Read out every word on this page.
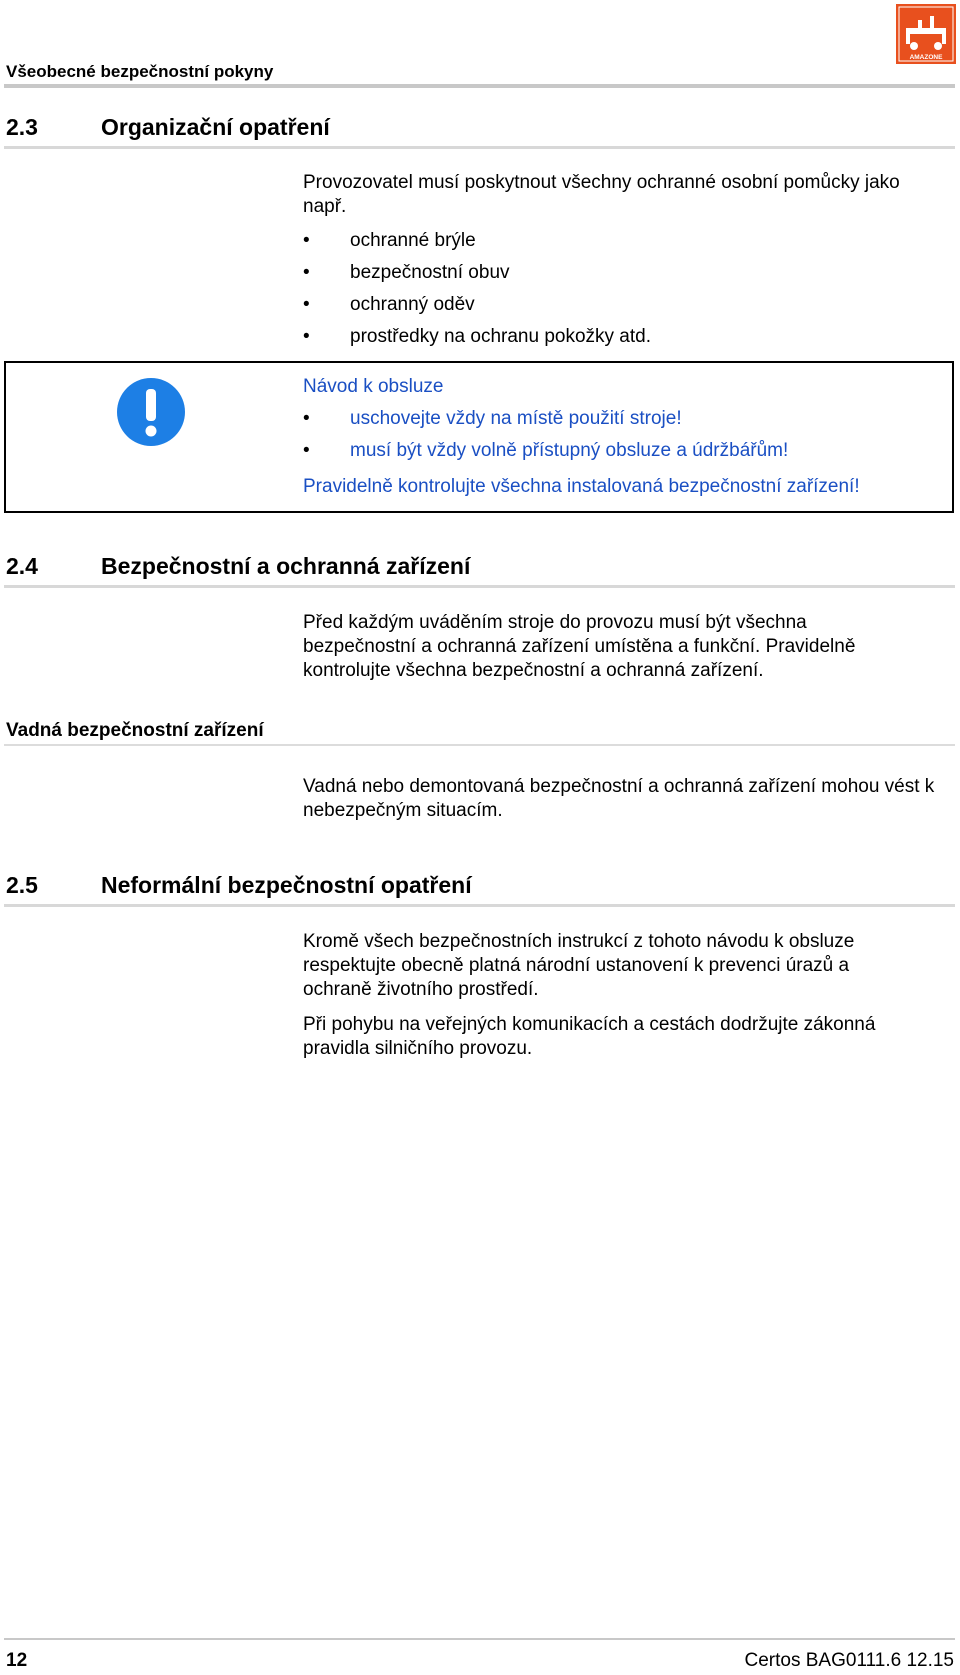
Všeobecné bezpečnostní pokyny
AMAZONE
2.3	Organizační opatření
Provozovatel musí poskytnout všechny ochranné osobní pomůcky jako např.
•	ochranné brýle
•	bezpečnostní obuv
•	ochranný oděv
•	prostředky na ochranu pokožky atd.
Návod k obsluze
•	uschovejte vždy na místě použití stroje!
•	musí být vždy volně přístupný obsluze a údržbářům!
Pravidelně kontrolujte všechna instalovaná bezpečnostní zařízení!
2.4	Bezpečnostní a ochranná zařízení
Před každým uváděním stroje do provozu musí být všechna bezpečnostní a ochranná zařízení umístěna a funkční. Pravidelně kontrolujte všechna bezpečnostní a ochranná zařízení.
Vadná bezpečnostní zařízení
Vadná nebo demontovaná bezpečnostní a ochranná zařízení mohou vést k nebezpečným situacím.
2.5	Neformální bezpečnostní opatření
Kromě všech bezpečnostních instrukcí z tohoto návodu k obsluze respektujte obecně platná národní ustanovení k prevenci úrazů a ochraně životního prostředí.
Při pohybu na veřejných komunikacích a cestách dodržujte zákonná pravidla silničního provozu.
12	Certos BAG0111.6 12.15
